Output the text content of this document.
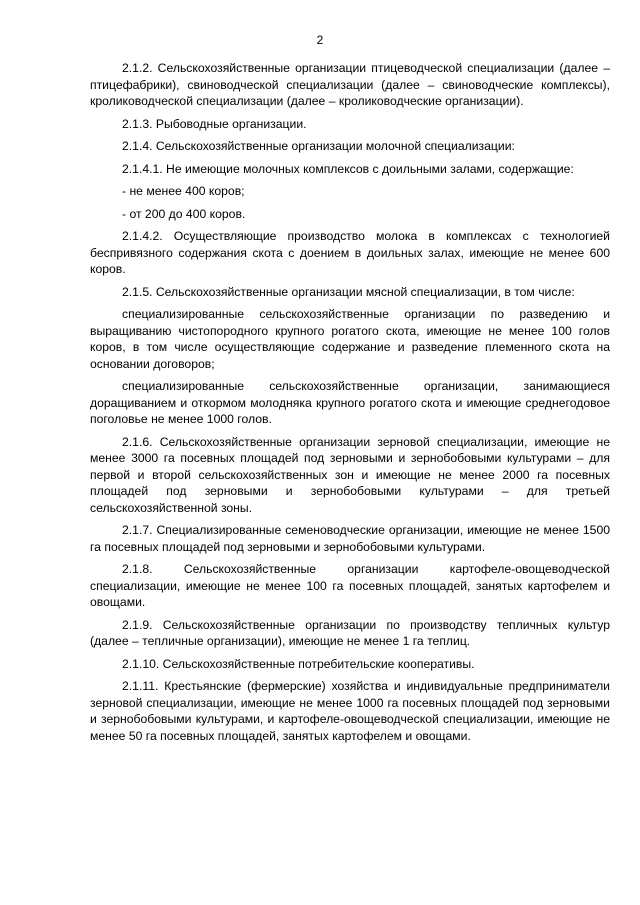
2

2.1.2. Сельскохозяйственные организации птицеводческой специализации (далее – птицефабрики), свиноводческой специализации (далее – свиноводческие комплексы), кролиководческой специализации (далее – кролиководческие организации).

2.1.3. Рыбоводные организации.

2.1.4. Сельскохозяйственные организации молочной специализации:

2.1.4.1. Не имеющие молочных комплексов с доильными залами, содержащие:

- не менее 400 коров;

- от 200 до 400 коров.

2.1.4.2. Осуществляющие производство молока в комплексах с технологией беспривязного содержания скота с доением в доильных залах, имеющие не менее 600 коров.

2.1.5. Сельскохозяйственные организации мясной специализации, в том числе:

специализированные сельскохозяйственные организации по разведению и выращиванию чистопородного крупного рогатого скота, имеющие не менее 100 голов коров, в том числе осуществляющие содержание и разведение племенного скота на основании договоров;

специализированные сельскохозяйственные организации, занимающиеся доращиванием и откормом молодняка крупного рогатого скота и имеющие среднегодовое поголовье не менее 1000 голов.

2.1.6. Сельскохозяйственные организации зерновой специализации, имеющие не менее 3000 га посевных площадей под зерновыми и зернобобовыми культурами – для первой и второй сельскохозяйственных зон и имеющие не менее 2000 га посевных площадей под зерновыми и зернобобовыми культурами – для третьей сельскохозяйственной зоны.

2.1.7. Специализированные семеноводческие организации, имеющие не менее 1500 га посевных площадей под зерновыми и зернобобовыми культурами.

2.1.8. Сельскохозяйственные организации картофеле-овощеводческой специализации, имеющие не менее 100 га посевных площадей, занятых картофелем и овощами.

2.1.9. Сельскохозяйственные организации по производству тепличных культур (далее – тепличные организации), имеющие не менее 1 га теплиц.

2.1.10. Сельскохозяйственные потребительские кооперативы.

2.1.11. Крестьянские (фермерские) хозяйства и индивидуальные предприниматели зерновой специализации, имеющие не менее 1000 га посевных площадей под зерновыми и зернобобовыми культурами, и картофеле-овощеводческой специализации, имеющие не менее 50 га посевных площадей, занятых картофелем и овощами.
